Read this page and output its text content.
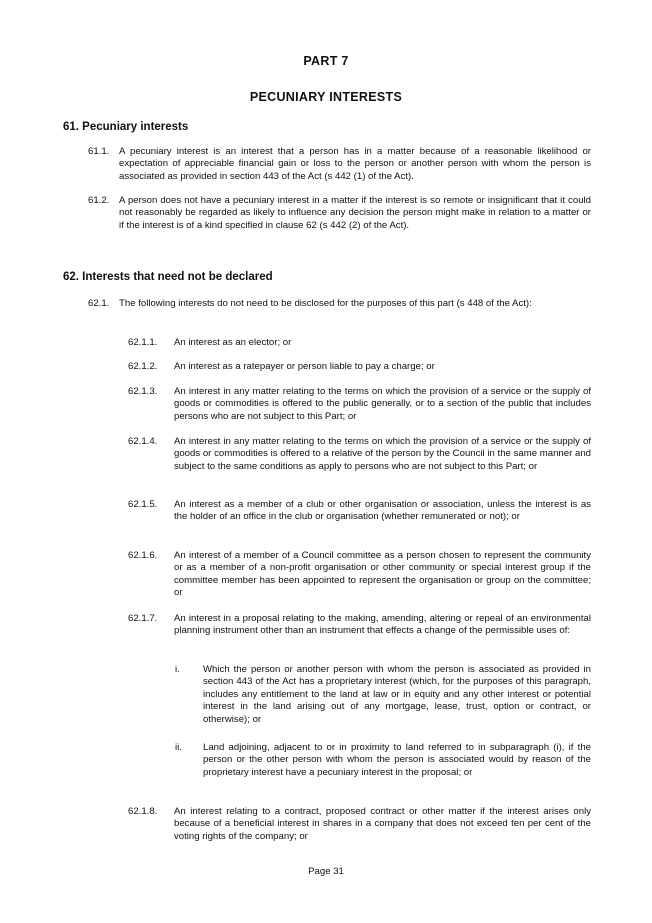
PART 7
PECUNIARY INTERESTS
61. Pecuniary interests
61.1. A pecuniary interest is an interest that a person has in a matter because of a reasonable likelihood or expectation of appreciable financial gain or loss to the person or another person with whom the person is associated as provided in section 443 of the Act (s 442 (1) of the Act).
61.2. A person does not have a pecuniary interest in a matter if the interest is so remote or insignificant that it could not reasonably be regarded as likely to influence any decision the person might make in relation to a matter or if the interest is of a kind specified in clause 62 (s 442 (2) of the Act).
62. Interests that need not be declared
62.1. The following interests do not need to be disclosed for the purposes of this part (s 448 of the Act):
62.1.1. An interest as an elector; or
62.1.2. An interest as a ratepayer or person liable to pay a charge; or
62.1.3. An interest in any matter relating to the terms on which the provision of a service or the supply of goods or commodities is offered to the public generally, or to a section of the public that includes persons who are not subject to this Part; or
62.1.4. An interest in any matter relating to the terms on which the provision of a service or the supply of goods or commodities is offered to a relative of the person by the Council in the same manner and subject to the same conditions as apply to persons who are not subject to this Part; or
62.1.5. An interest as a member of a club or other organisation or association, unless the interest is as the holder of an office in the club or organisation (whether remunerated or not); or
62.1.6. An interest of a member of a Council committee as a person chosen to represent the community or as a member of a non-profit organisation or other community or special interest group if the committee member has been appointed to represent the organisation or group on the committee; or
62.1.7. An interest in a proposal relating to the making, amending, altering or repeal of an environmental planning instrument other than an instrument that effects a change of the permissible uses of:
i. Which the person or another person with whom the person is associated as provided in section 443 of the Act has a proprietary interest (which, for the purposes of this paragraph, includes any entitlement to the land at law or in equity and any other interest or potential interest in the land arising out of any mortgage, lease, trust, option or contract, or otherwise); or
ii. Land adjoining, adjacent to or in proximity to land referred to in subparagraph (i), if the person or the other person with whom the person is associated would by reason of the proprietary interest have a pecuniary interest in the proposal; or
62.1.8. An interest relating to a contract, proposed contract or other matter if the interest arises only because of a beneficial interest in shares in a company that does not exceed ten per cent of the voting rights of the company; or
Page 31
